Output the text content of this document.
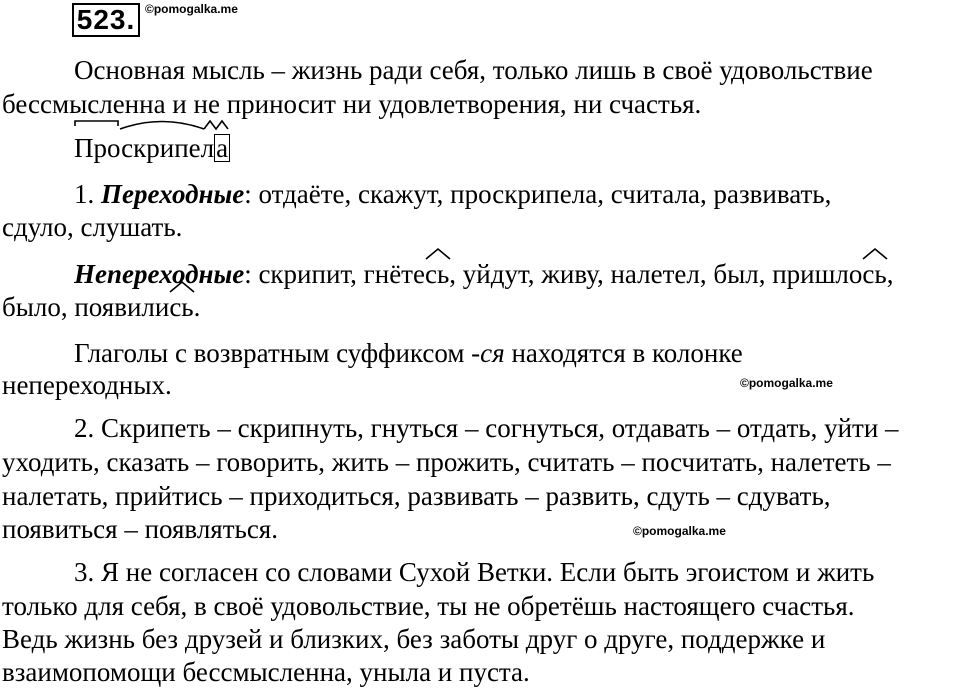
523. ©pomogalka.me
Основная мысль – жизнь ради себя, только лишь в своё удовольствие
бессмысленна и не приносит ни удовлетворения, ни счастья.
Проскрипела
1. Переходные: отдаёте, скажут, проскрипела, считала, развивать,
сдуло, слушать.
Непереходные: скрипит, гнёте
сь, уйдут, живу, налетел, был, пришло
сь,
было, появили
сь.
Глаголы с возвратным суффиксом -ся находятся в колонке
непереходных.	©pomogalka.me
2. Скрипеть – скрипнуть, гнуться – согнуться, отдавать – отдать, уйти –
уходить, сказать – говорить, жить – прожить, считать – посчитать, налететь –
налетать, прийтись – приходиться, развивать – развить, сдуть – сдувать,
появиться – появляться.	©pomogalka.me
3. Я не согласен со словами Сухой Ветки. Если быть эгоистом и жить
только для себя, в своё удовольствие, ты не обретёшь настоящего счастья.
Ведь жизнь без друзей и близких, без заботы друг о друге, поддержке и
взаимопомощи бессмысленна, уныла и пуста.
